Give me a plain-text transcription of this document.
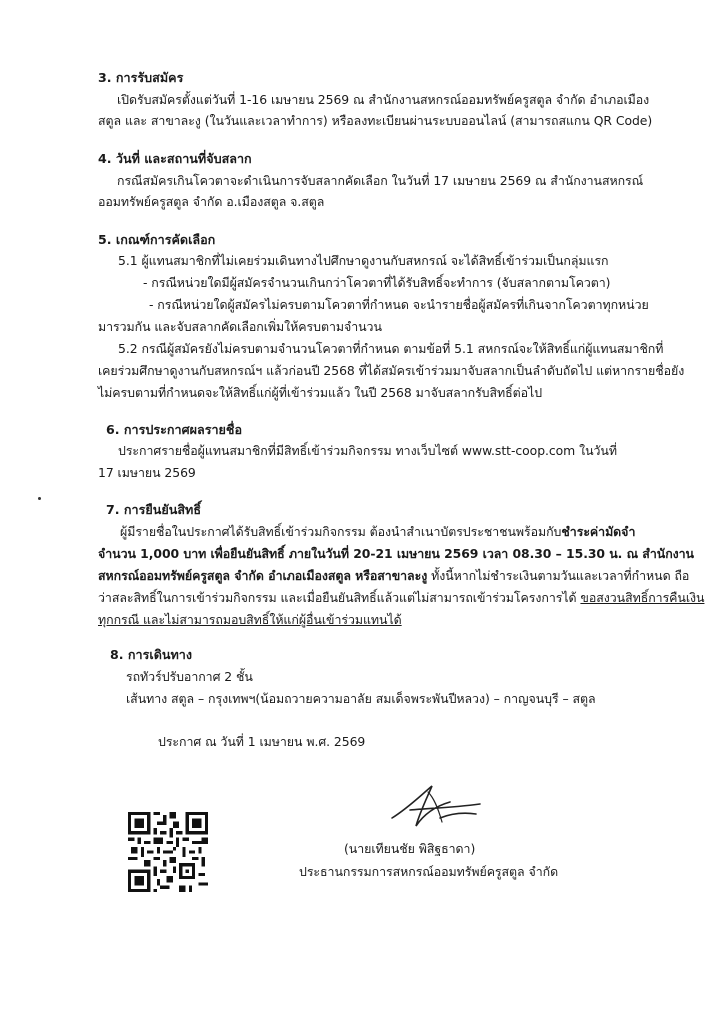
3. การรับสมัคร
เปิดรับสมัครตั้งแต่วันที่ 1-16 เมษายน 2569 ณ สำนักงานสหกรณ์ออมทรัพย์ครูสตูล จำกัด อำเภอเมือง
สตูล และ สาขาละงู (ในวันและเวลาทำการ) หรือลงทะเบียนผ่านระบบออนไลน์ (สามารถสแกน QR Code)
4. วันที่ และสถานที่จับสลาก
กรณีสมัครเกินโควตาจะดำเนินการจับสลากคัดเลือก ในวันที่ 17 เมษายน 2569 ณ สำนักงานสหกรณ์
ออมทรัพย์ครูสตูล จำกัด อ.เมืองสตูล จ.สตูล
5. เกณฑ์การคัดเลือก
5.1 ผู้แทนสมาชิกที่ไม่เคยร่วมเดินทางไปศึกษาดูงานกับสหกรณ์ จะได้สิทธิ์เข้าร่วมเป็นกลุ่มแรก
- กรณีหน่วยใดมีผู้สมัครจำนวนเกินกว่าโควตาที่ได้รับสิทธิ์จะทำการ (จับสลากตามโควตา)
- กรณีหน่วยใดผู้สมัครไม่ครบตามโควตาที่กำหนด จะนำรายชื่อผู้สมัครที่เกินจากโควตาทุกหน่วย
มารวมกัน และจับสลากคัดเลือกเพิ่มให้ครบตามจำนวน
5.2 กรณีผู้สมัครยังไม่ครบตามจำนวนโควตาที่กำหนด ตามข้อที่ 5.1 สหกรณ์จะให้สิทธิ์แก่ผู้แทนสมาชิกที่
เคยร่วมศึกษาดูงานกับสหกรณ์ฯ แล้วก่อนปี 2568 ที่ได้สมัครเข้าร่วมมาจับสลากเป็นลำดับถัดไป แต่หากรายชื่อยัง
ไม่ครบตามที่กำหนดจะให้สิทธิ์แก่ผู้ที่เข้าร่วมแล้ว ในปี 2568 มาจับสลากรับสิทธิ์ต่อไป
6. การประกาศผลรายชื่อ
ประกาศรายชื่อผู้แทนสมาชิกที่มีสิทธิ์เข้าร่วมกิจกรรม ทางเว็บไซต์ www.stt-coop.com ในวันที่
17 เมษายน 2569
7. การยืนยันสิทธิ์
ผู้มีรายชื่อในประกาศได้รับสิทธิ์เข้าร่วมกิจกรรม ต้องนำสำเนาบัตรประชาชนพร้อมกับชำระค่ามัดจำ
จำนวน 1,000 บาท เพื่อยืนยันสิทธิ์ ภายในวันที่ 20-21 เมษายน 2569 เวลา 08.30 – 15.30 น. ณ สำนักงาน
สหกรณ์ออมทรัพย์ครูสตูล จำกัด อำเภอเมืองสตูล หรือสาขาละงู ทั้งนี้หากไม่ชำระเงินตามวันและเวลาที่กำหนด ถือ
ว่าสละสิทธิ์ในการเข้าร่วมกิจกรรม และเมื่อยืนยันสิทธิ์แล้วแต่ไม่สามารถเข้าร่วมโครงการได้ ขอสงวนสิทธิ์การคืนเงิน
ทุกกรณี และไม่สามารถมอบสิทธิ์ให้แก่ผู้อื่นเข้าร่วมแทนได้
8. การเดินทาง
รถทัวร์ปรับอากาศ 2 ชั้น
เส้นทาง สตูล – กรุงเทพฯ(น้อมถวายความอาลัย สมเด็จพระพันปีหลวง) – กาญจนบุรี – สตูล
ประกาศ ณ วันที่ 1 เมษายน พ.ศ. 2569
(นายเทียนชัย พิสิฐธาดา)
ประธานกรรมการสหกรณ์ออมทรัพย์ครูสตูล จำกัด
